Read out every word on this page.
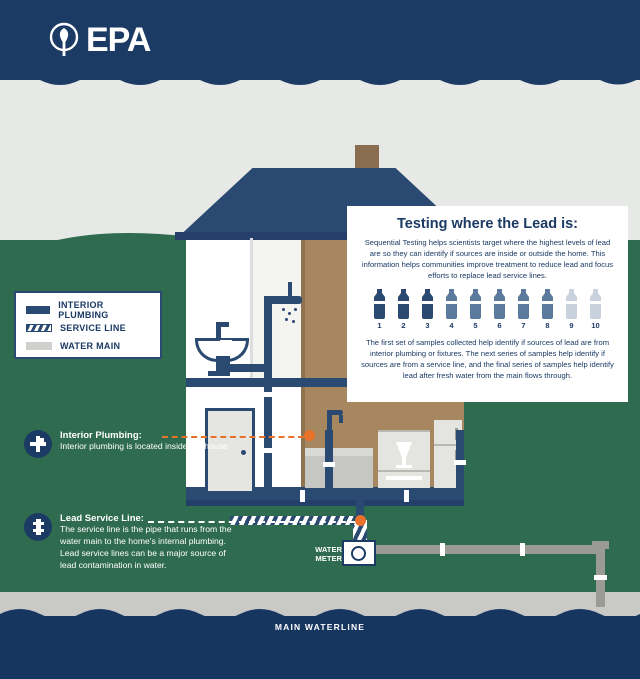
MAIN WATERLINE
EPA
WATER METER
INTERIOR PLUMBING
SERVICE LINE
WATER MAIN
Testing where the Lead is:

Sequential Testing helps scientists target where the highest levels of lead are so they can identify if sources are inside or outside the home. This information helps communities improve treatment to reduce lead and focus efforts to replace lead service lines.

1	2	3	4	5	6	7	8	9 10

The first set of samples collected help identify if sources of lead are from interior plumbing or fixtures. The next series of samples help identify if sources are from a service line, and the final series of samples help identify lead after fresh water from the main flows through.

Interior Plumbing:
Interior plumbing is located inside the house
Lead Service Line:
The service line is the pipe that runs from the water main to the home's internal plumbing. Lead service lines can be a major source of lead contamination in water.
